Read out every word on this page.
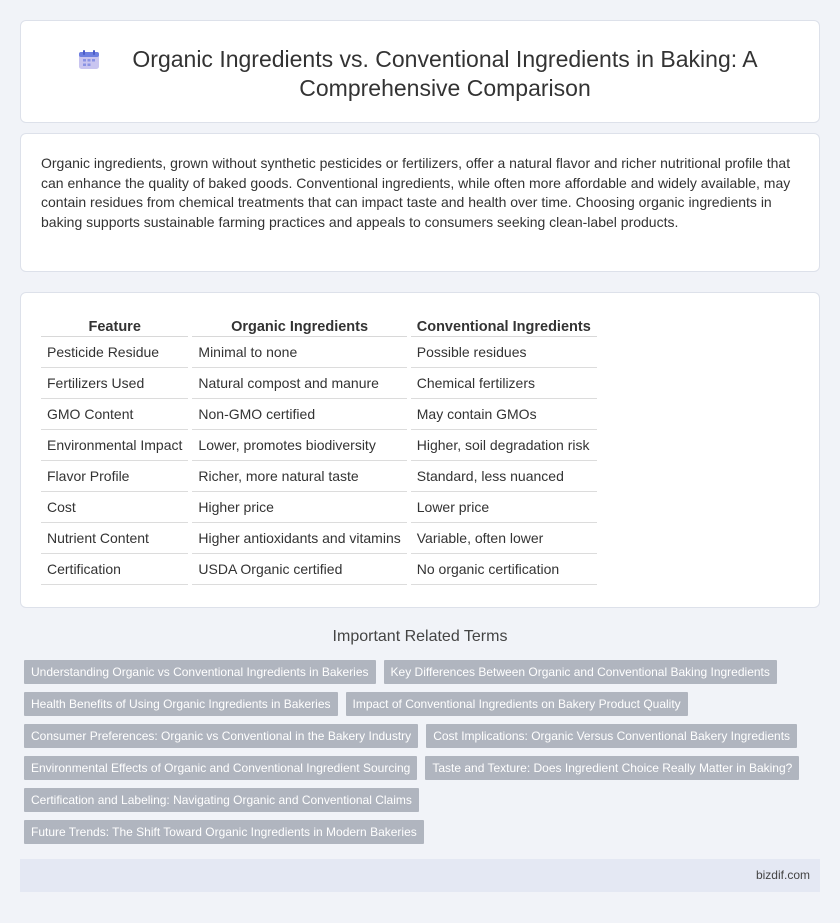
Organic Ingredients vs. Conventional Ingredients in Baking: A Comprehensive Comparison

Organic ingredients, grown without synthetic pesticides or fertilizers, offer a natural flavor and richer nutritional profile that can enhance the quality of baked goods. Conventional ingredients, while often more affordable and widely available, may contain residues from chemical treatments that can impact taste and health over time. Choosing organic ingredients in baking supports sustainable farming practices and appeals to consumers seeking clean-label products.

Feature	Organic Ingredients	Conventional Ingredients
Pesticide Residue	Minimal to none	Possible residues
Fertilizers Used	Natural compost and manure	Chemical fertilizers
GMO Content	Non-GMO certified	May contain GMOs
Environmental Impact	Lower, promotes biodiversity	Higher, soil degradation risk
Flavor Profile	Richer, more natural taste	Standard, less nuanced
Cost	Higher price	Lower price
Nutrient Content	Higher antioxidants and vitamins	Variable, often lower
Certification	USDA Organic certified	No organic certification
Important Related Terms
Understanding Organic vs Conventional Ingredients in Bakeries	Key Differences Between Organic and Conventional Baking Ingredients
Health Benefits of Using Organic Ingredients in Bakeries	Impact of Conventional Ingredients on Bakery Product Quality
Consumer Preferences: Organic vs Conventional in the Bakery Industry	Cost Implications: Organic Versus Conventional Bakery Ingredients
Environmental Effects of Organic and Conventional Ingredient Sourcing	Taste and Texture: Does Ingredient Choice Really Matter in Baking?
Certification and Labeling: Navigating Organic and Conventional Claims
Future Trends: The Shift Toward Organic Ingredients in Modern Bakeries
bizdif.com
